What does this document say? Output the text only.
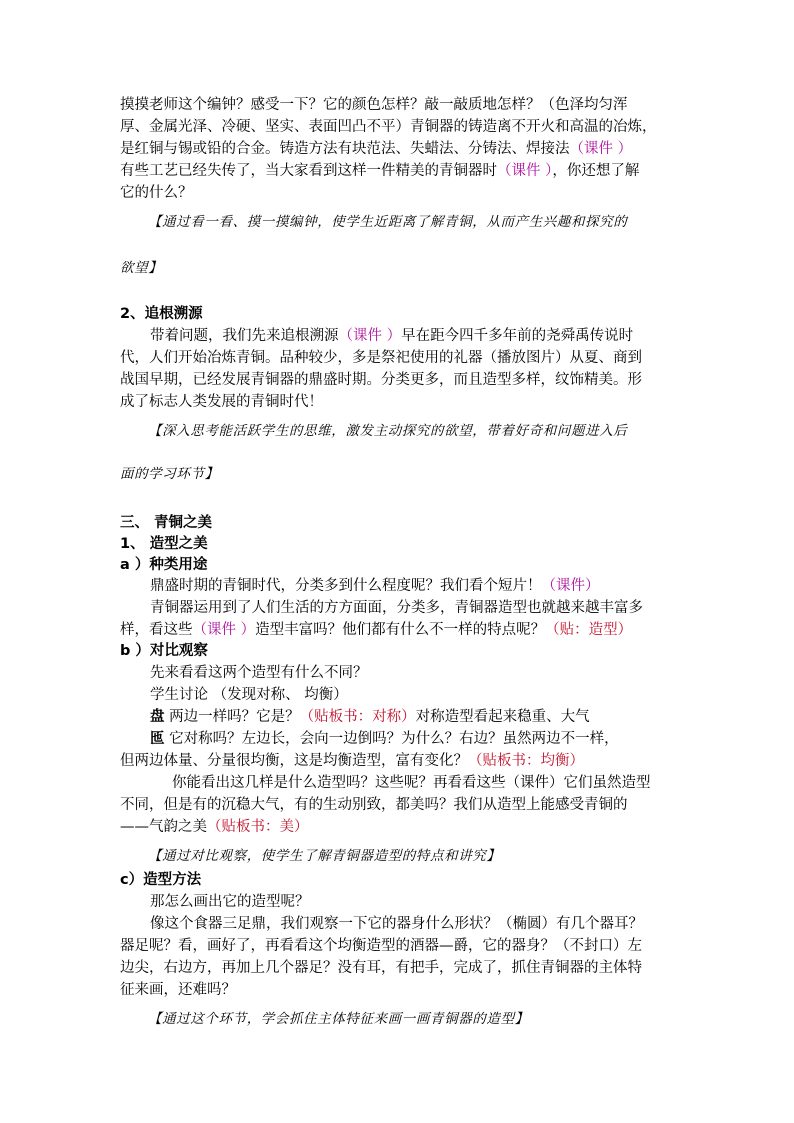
摸摸老师这个编钟？感受一下？它的颜色怎样？敲一敲质地怎样？（色泽均匀浑
厚、金属光泽、冷硬、坚实、表面凹凸不平）青铜器的铸造离不开火和高温的冶炼，
是红铜与锡或铅的合金。铸造方法有块范法、失蜡法、分铸法、焊接法（课件 ）
有些工艺已经失传了，当大家看到这样一件精美的青铜器时（课件 ），你还想了解
它的什么？
【通过看一看、摸一摸编钟，使学生近距离了解青铜，从而产生兴趣和探究的
欲望】
2、追根溯源
带着问题，我们先来追根溯源（课件 ）早在距今四千多年前的尧舜禹传说时
代，人们开始冶炼青铜。品种较少，多是祭祀使用的礼器（播放图片）从夏、商到
战国早期，已经发展青铜器的鼎盛时期。分类更多，而且造型多样，纹饰精美。形
成了标志人类发展的青铜时代！
【深入思考能活跃学生的思维，激发主动探究的欲望，带着好奇和问题进入后
面的学习环节】
三、 青铜之美
1、 造型之美
a ）种类用途
鼎盛时期的青铜时代，分类多到什么程度呢？我们看个短片！（课件）
青铜器运用到了人们生活的方方面面，分类多，青铜器造型也就越来越丰富多
样，看这些（课件 ）造型丰富吗？他们都有什么不一样的特点呢？（贴：造型）
b ）对比观察
先来看看这两个造型有什么不同？
学生讨论 （发现对称、 均衡）
盘 两边一样吗？它是？（贴板书：对称）对称造型看起来稳重、大气
匜 它对称吗？左边长，会向一边倒吗？为什么？右边？虽然两边不一样，
但两边体量、分量很均衡，这是均衡造型，富有变化？（贴板书：均衡）
你能看出这几样是什么造型吗？这些呢？再看看这些（课件）它们虽然造型
不同，但是有的沉稳大气，有的生动别致，都美吗？我们从造型上能感受青铜的
——气韵之美（贴板书：美）
【通过对比观察，使学生了解青铜器造型的特点和讲究】
c）造型方法
那怎么画出它的造型呢？
像这个食器三足鼎，我们观察一下它的器身什么形状？（椭圆）有几个器耳？
器足呢？看，画好了，再看看这个均衡造型的酒器—爵，它的器身？（不封口）左
边尖，右边方，再加上几个器足？没有耳，有把手，完成了，抓住青铜器的主体特
征来画，还难吗？
【通过这个环节，学会抓住主体特征来画一画青铜器的造型】
